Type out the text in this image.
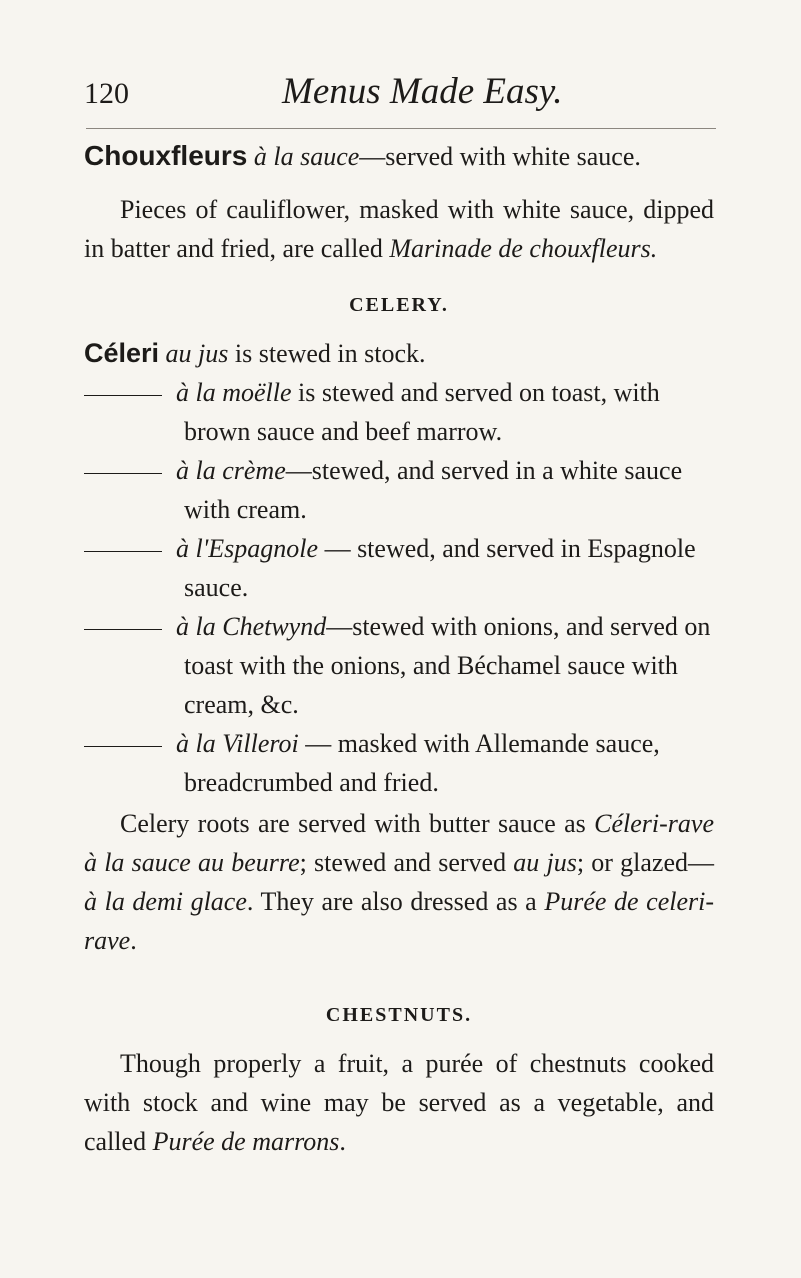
120	Menus Made Easy.

Chouxfleurs à la sauce—served with white sauce.

Pieces of cauliflower, masked with white sauce, dipped in batter and fried, are called Marinade de chouxfleurs.

CELERY.

Céleri au jus is stewed in stock.

à la moëlle is stewed and served on toast, with brown sauce and beef marrow.

à la crème—stewed, and served in a white sauce with cream.

à l'Espagnole — stewed, and served in Espagnole sauce.

à la Chetwynd—stewed with onions, and served on toast with the onions, and Béchamel sauce with cream, &c.

à la Villeroi — masked with Allemande sauce, breadcrumbed and fried.

Celery roots are served with butter sauce as Céleri-rave à la sauce au beurre; stewed and served au jus; or glazed—à la demi glace. They are also dressed as a Purée de celeri-rave.

CHESTNUTS.

Though properly a fruit, a purée of chestnuts cooked with stock and wine may be served as a vegetable, and called Purée de marrons.
